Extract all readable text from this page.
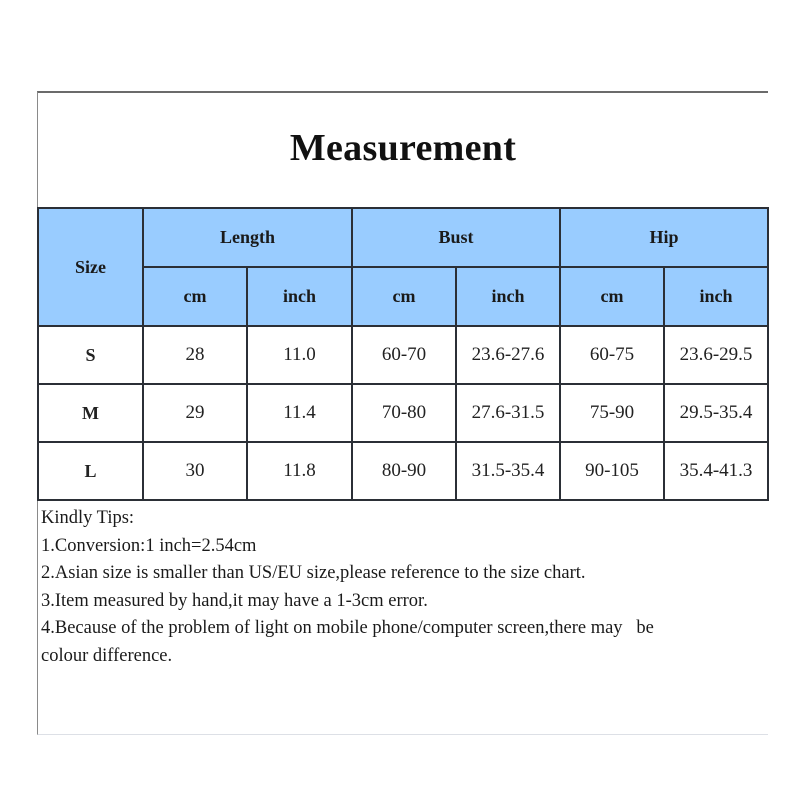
Measurement
Size	Length		Bust		Hip	
	cm	inch	cm	inch	cm	inch
S	28	11.0	60-70	23.6-27.6	60-75	23.6-29.5
M	29	11.4	70-80	27.6-31.5	75-90	29.5-35.4
L	30	11.8	80-90	31.5-35.4	90-105	35.4-41.3
Kindly Tips:
1.Conversion:1 inch=2.54cm
2.Asian size is smaller than US/EU size,please reference to the size chart.
3.Item measured by hand,it may have a 1-3cm error.
4.Because of the problem of light on mobile phone/computer screen,there may   be
colour difference.
